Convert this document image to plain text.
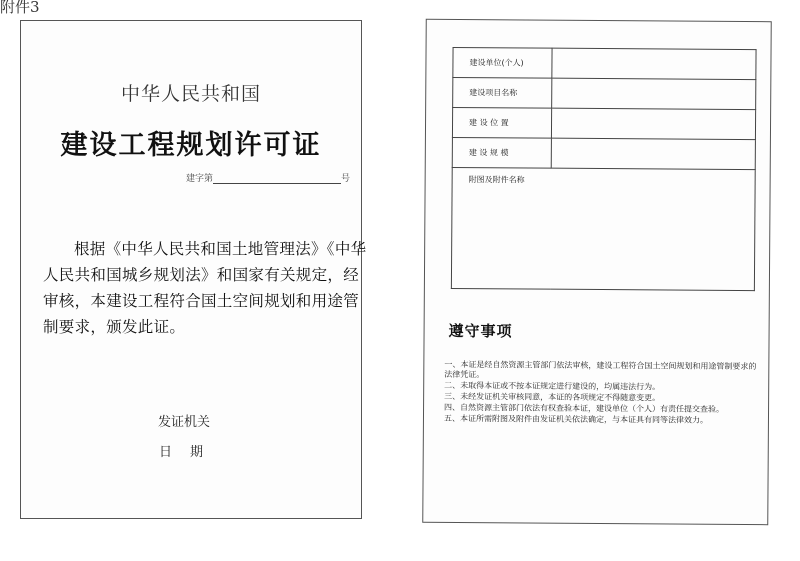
附件3
中华人民共和国
建设工程规划许可证
建字第	号
根据《中华人民共和国土地管理法》《中华人民共和国城乡规划法》和国家有关规定，经审核，本建设工程符合国土空间规划和用途管制要求，颁发此证。
发证机关
日期
建设单位(个人)	
建设项目名称	
建 设 位 置	
建 设 规 模	
附图及附件名称	
遵守事项
一、本证是经自然资源主管部门依法审核，建设工程符合国土空间规划和用途管制要求的法律凭证。
二、未取得本证或不按本证规定进行建设的，均属违法行为。
三、未经发证机关审核同意，本证的各项规定不得随意变更。
四、自然资源主管部门依法有权查验本证，建设单位（个人）有责任提交查验。
五、本证所需附图及附件由发证机关依法确定，与本证具有同等法律效力。
